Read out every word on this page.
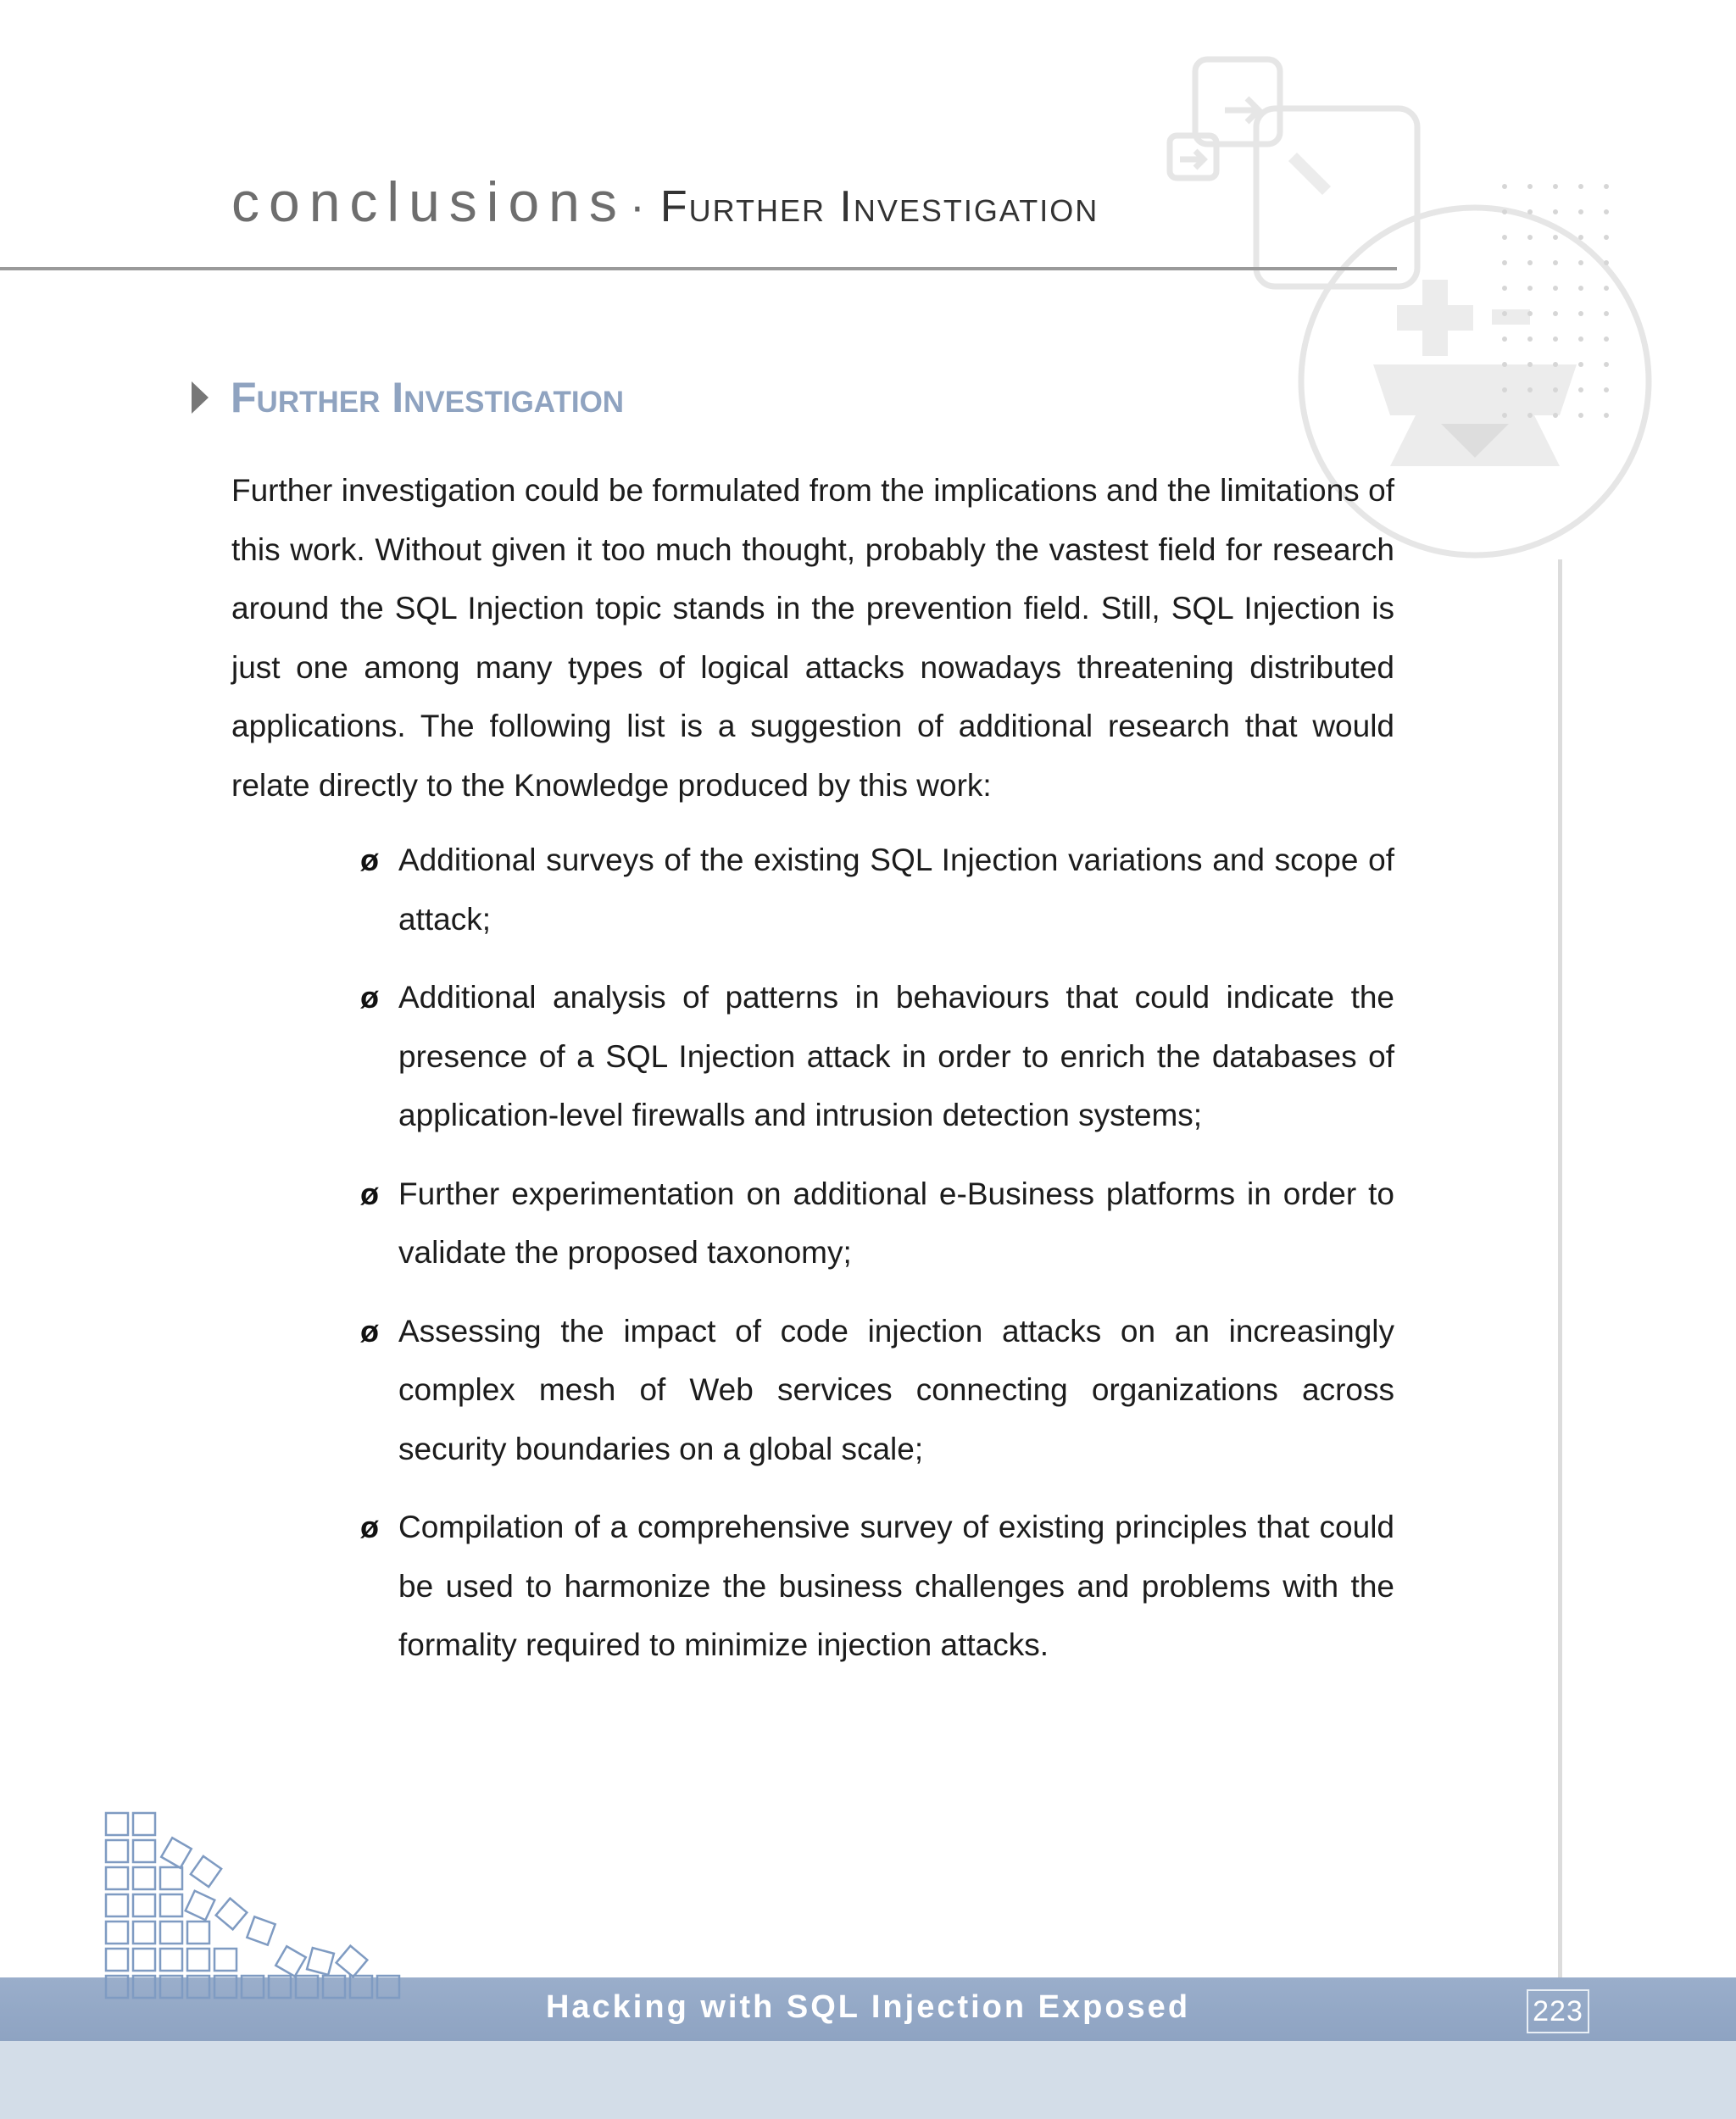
conclusions· Further Investigation
Further Investigation

Further investigation could be formulated from the implications and the limitations of this work. Without given it too much thought, probably the vastest field for research around the SQL Injection topic stands in the prevention field. Still, SQL Injection is just one among many types of logical attacks nowadays threatening distributed applications. The following list is a suggestion of additional research that would relate directly to the Knowledge produced by this work:

ø Additional surveys of the existing SQL Injection variations and scope of attack;
ø Additional analysis of patterns in behaviours that could indicate the presence of a SQL Injection attack in order to enrich the databases of application-level firewalls and intrusion detection systems;
ø Further experimentation on additional e-Business platforms in order to validate the proposed taxonomy;
ø Assessing the impact of code injection attacks on an increasingly complex mesh of Web services connecting organizations across security boundaries on a global scale;
ø Compilation of a comprehensive survey of existing principles that could be used to harmonize the business challenges and problems with the formality required to minimize injection attacks.
Hacking with SQL Injection Exposed	223
